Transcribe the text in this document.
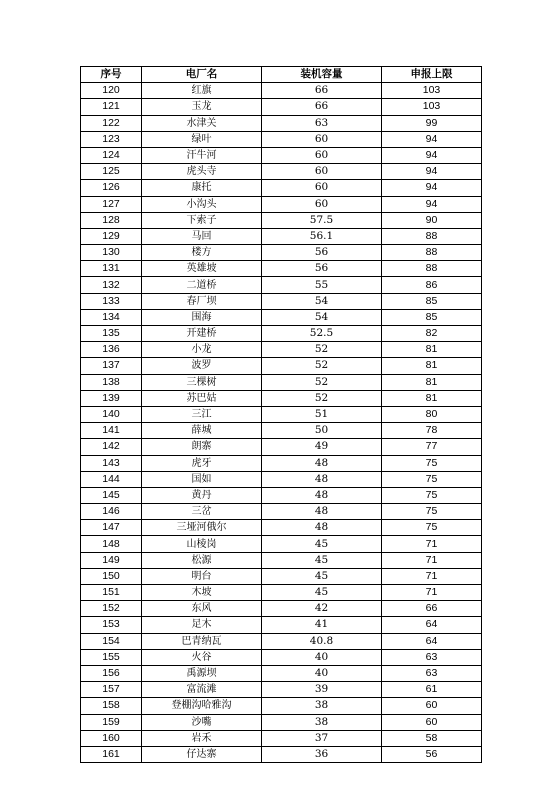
序号	电厂名	装机容量	申报上限
120	红旗	66	103
121	玉龙	66	103
122	水津关	63	99
123	绿叶	60	94
124	汗牛河	60	94
125	虎头寺	60	94
126	康托	60	94
127	小沟头	60	94
128	下索子	57.5	90
129	马回	56.1	88
130	楼方	56	88
131	英雄坡	56	88
132	二道桥	55	86
133	春厂坝	54	85
134	围海	54	85
135	开建桥	52.5	82
136	小龙	52	81
137	波罗	52	81
138	三棵树	52	81
139	苏巴姑	52	81
140	三江	51	80
141	薛城	50	78
142	朗寨	49	77
143	虎牙	48	75
144	国如	48	75
145	黄丹	48	75
146	三岔	48	75
147	三垭河俄尔	48	75
148	山棱岗	45	71
149	松源	45	71
150	明台	45	71
151	木坡	45	71
152	东风	42	66
153	足木	41	64
154	巴青纳瓦	40.8	64
155	火谷	40	63
156	禹源坝	40	63
157	富流滩	39	61
158	登棚沟哈雅沟	38	60
159	沙嘴	38	60
160	岩禾	37	58
161	仔达寨	36	56
